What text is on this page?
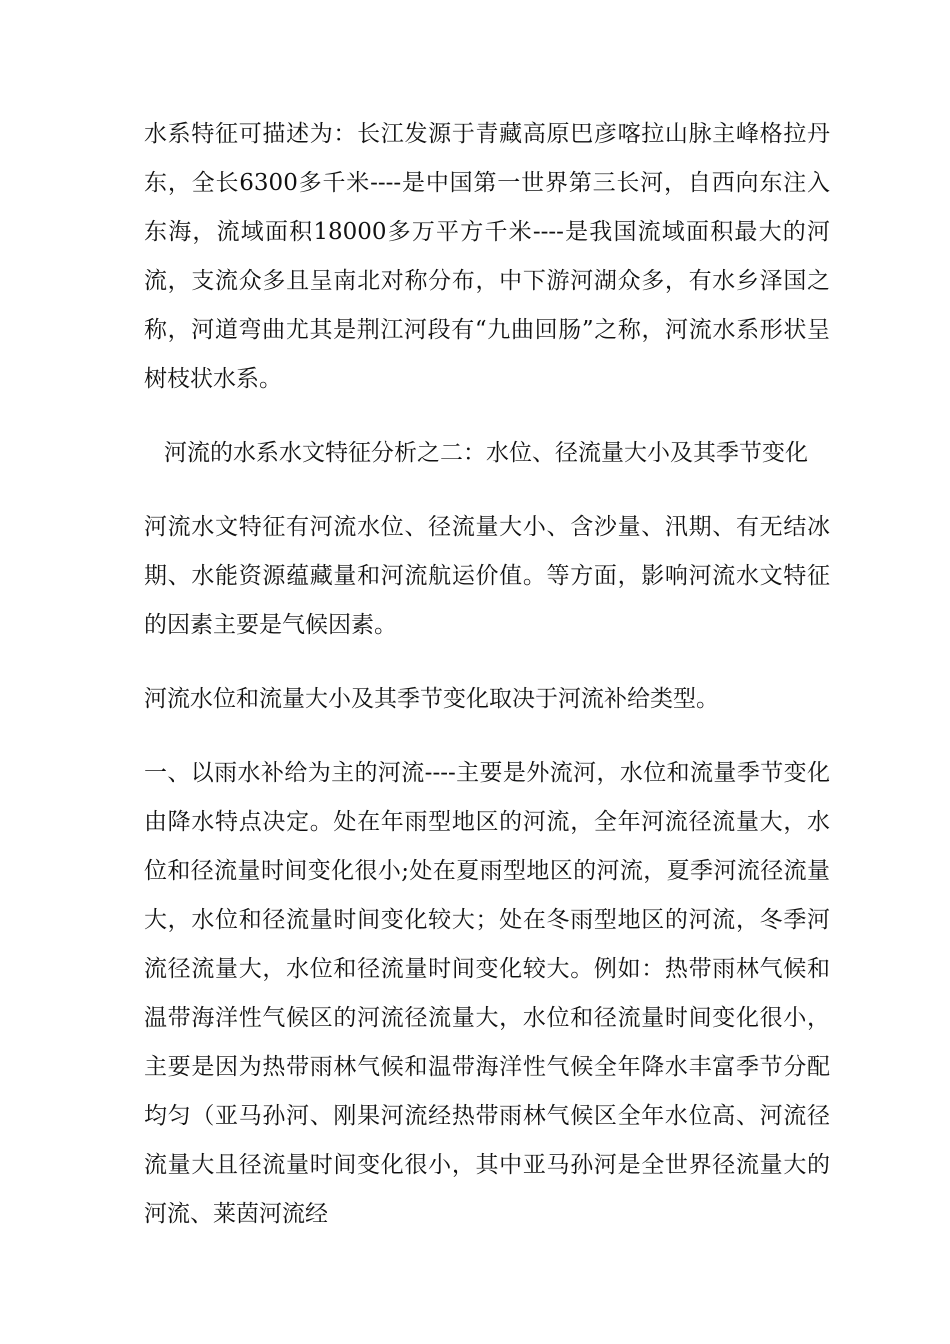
水系特征可描述为：长江发源于青藏高原巴彦喀拉山脉主峰格拉丹东，全长6300多千米----是中国第一世界第三长河，自西向东注入东海，流域面积18000多万平方千米----是我国流域面积最大的河流，支流众多且呈南北对称分布，中下游河湖众多，有水乡泽国之称，河道弯曲尤其是荆江河段有“九曲回肠”之称，河流水系形状呈树枝状水系。

河流的水系水文特征分析之二：水位、径流量大小及其季节变化

河流水文特征有河流水位、径流量大小、含沙量、汛期、有无结冰期、水能资源蕴藏量和河流航运价值。等方面，影响河流水文特征的因素主要是气候因素。

河流水位和流量大小及其季节变化取决于河流补给类型。

一、以雨水补给为主的河流----主要是外流河，水位和流量季节变化由降水特点决定。处在年雨型地区的河流，全年河流径流量大，水位和径流量时间变化很小;处在夏雨型地区的河流，夏季河流径流量大，水位和径流量时间变化较大；处在冬雨型地区的河流，冬季河流径流量大，水位和径流量时间变化较大。例如：热带雨林气候和温带海洋性气候区的河流径流量大，水位和径流量时间变化很小，主要是因为热带雨林气候和温带海洋性气候全年降水丰富季节分配均匀（亚马孙河、刚果河流经热带雨林气候区全年水位高、河流径流量大且径流量时间变化很小，其中亚马孙河是全世界径流量大的河流、莱茵河流经
